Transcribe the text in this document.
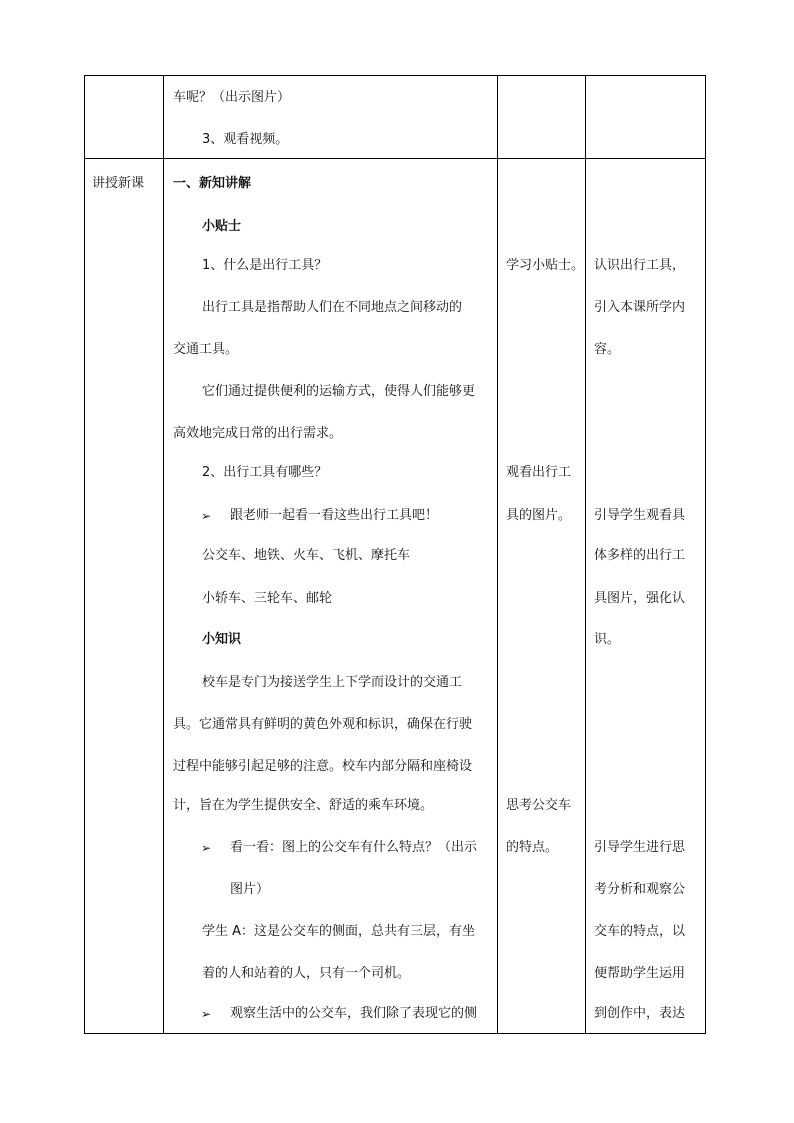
车呢？（出示图片）
3、观看视频。
讲授新课 一、新知讲解
小贴士
1、什么是出行工具？
出行工具是指帮助人们在不同地点之间移动的
交通工具。
它们通过提供便利的运输方式，使得人们能够更
高效地完成日常的出行需求。
2、出行工具有哪些？
➢ 跟老师一起看一看这些出行工具吧！
公交车、地铁、火车、飞机、摩托车
小轿车、三轮车、邮轮
小知识
校车是专门为接送学生上下学而设计的交通工
具。它通常具有鲜明的黄色外观和标识，确保在行驶
过程中能够引起足够的注意。校车内部分隔和座椅设
计，旨在为学生提供安全、舒适的乘车环境。
➢ 看一看：图上的公交车有什么特点？（出示
图片）
学生 A：这是公交车的侧面，总共有三层，有坐
着的人和站着的人，只有一个司机。
➢ 观察生活中的公交车，我们除了表现它的侧
学习小贴士。
观看出行工
具的图片。
思考公交车
的特点。
认识出行工具，
引入本课所学内
容。
引导学生观看具
体多样的出行工
具图片，强化认
识。
引导学生进行思
考分析和观察公
交车的特点，以
便帮助学生运用
到创作中，表达
